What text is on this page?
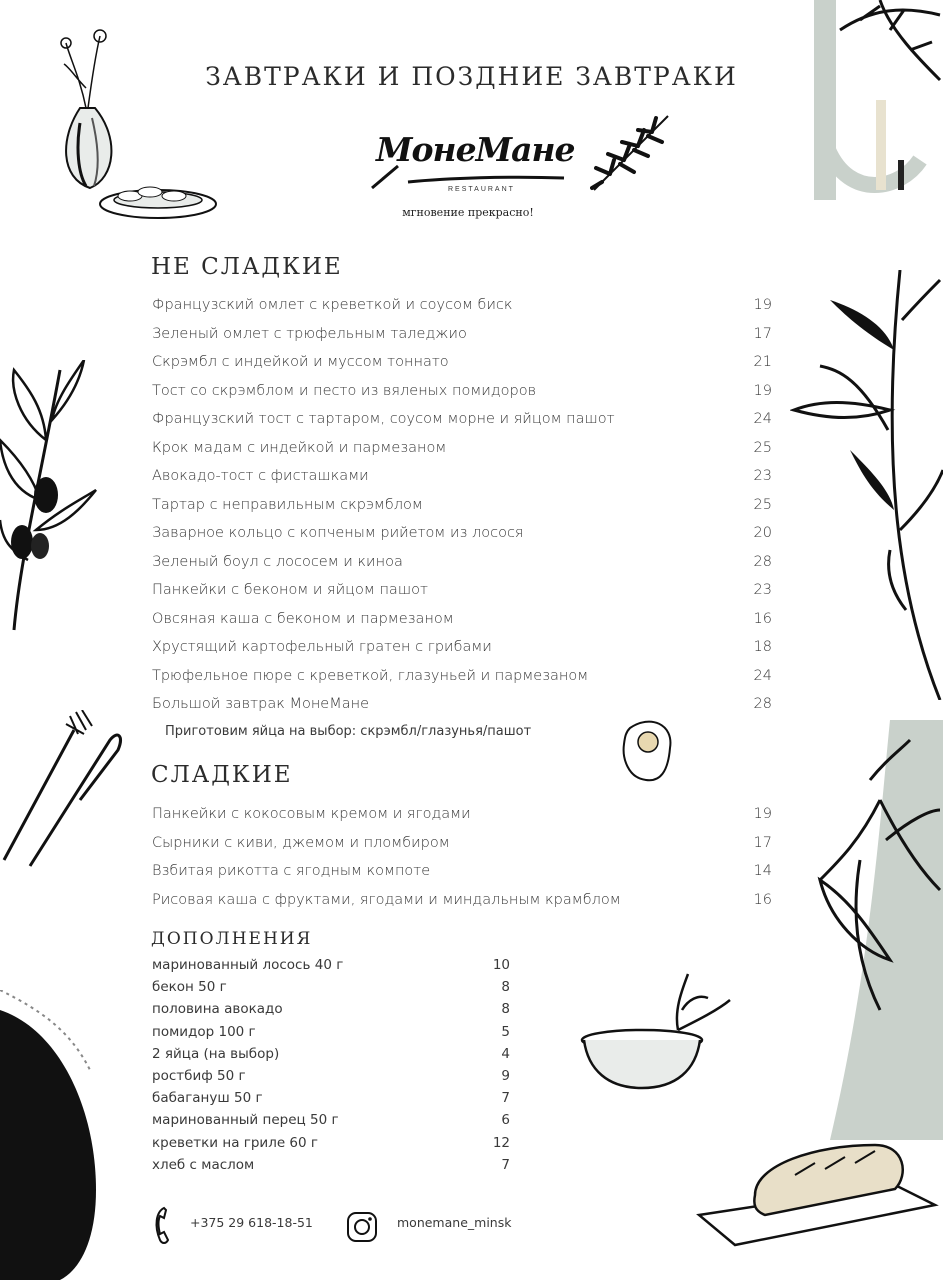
ЗАВТРАКИ И ПОЗДНИЕ ЗАВТРАКИ
МонеМане
RESTAURANT
мгновение прекрасно!
НЕ СЛАДКИЕ
Французский омлет с креветкой и соусом биск	19
Зеленый омлет с трюфельным таледжио	17
Скрэмбл с индейкой и муссом тоннато	21
Тост со скрэмблом и песто из вяленых помидоров	19
Французский тост с тартаром, соусом морне и яйцом пашот	24
Крок мадам с индейкой и пармезаном	25
Авокадо-тост с фисташками	23
Тартар с неправильным скрэмблом	25
Заварное кольцо с копченым рийетом из лосося	20
Зеленый боул с лососем и киноа	28
Панкейки с беконом и яйцом пашот	23
Овсяная каша с беконом и пармезаном	16
Хрустящий картофельный гратен с грибами	18
Трюфельное пюре с креветкой, глазуньей и пармезаном	24
Большой завтрак МонеМане	28
Приготовим яйца на выбор: скрэмбл/глазунья/пашот
СЛАДКИЕ
Панкейки с кокосовым кремом и ягодами	19
Сырники с киви, джемом и пломбиром	17
Взбитая рикотта с ягодным компоте	14
Рисовая каша с фруктами, ягодами и миндальным крамблом	16
ДОПОЛНЕНИЯ
маринованный лосось 40 г	10
бекон 50 г	8
половина авокадо	8
помидор 100 г	5
2 яйца (на выбор)	4
ростбиф 50 г	9
бабагануш 50 г	7
маринованный перец 50 г	6
креветки на гриле 60 г	12
хлеб с маслом	7
+375 29 618-18-51	monemane_minsk
